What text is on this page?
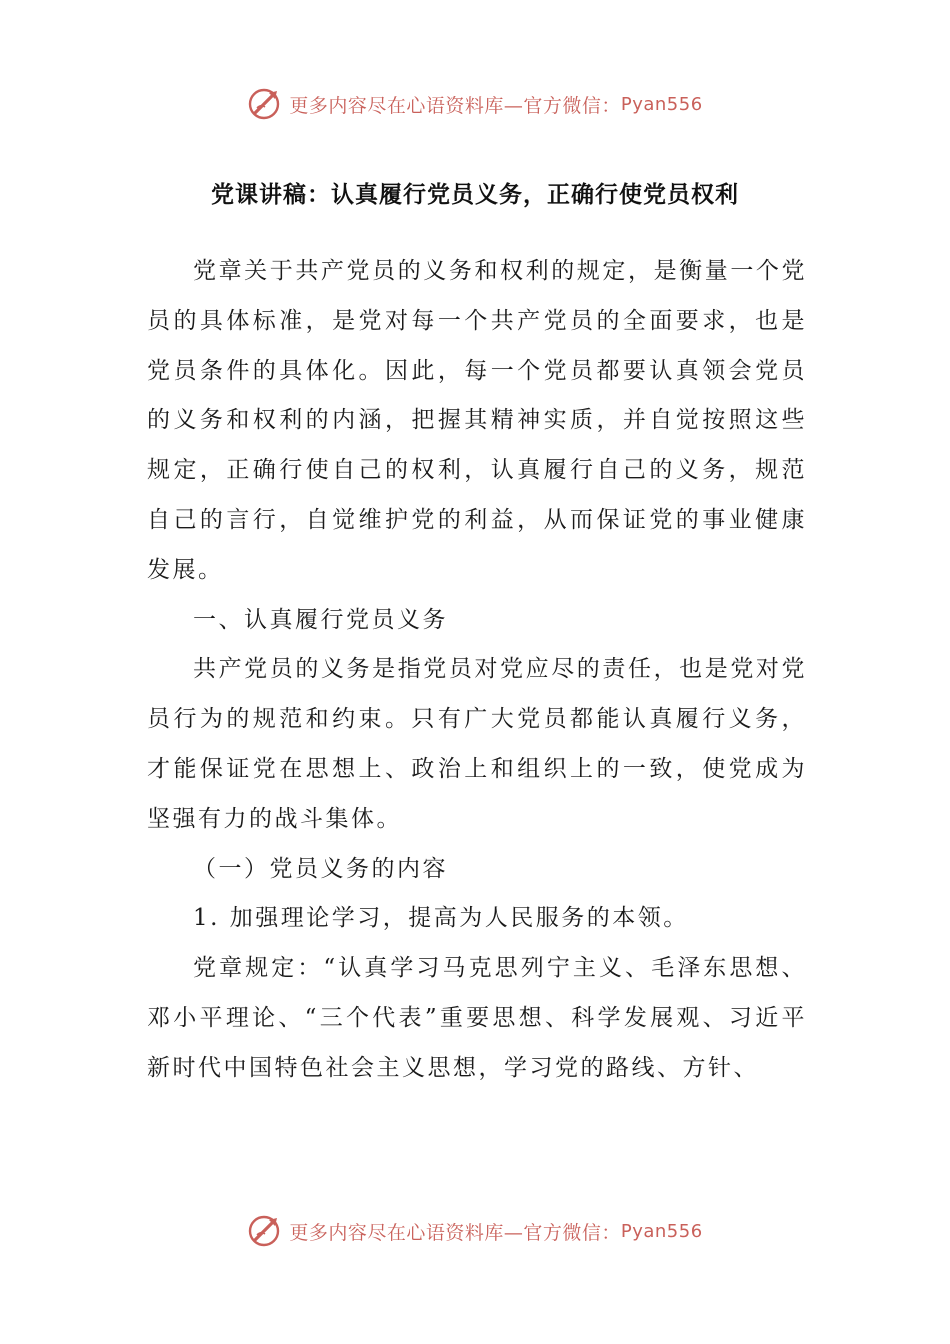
更多内容尽在心语资料库—官方微信： Pyan556
党课讲稿：认真履行党员义务，正确行使党员权利

党章关于共产党员的义务和权利的规定，是衡量一个党员的具体标准，是党对每一个共产党员的全面要求，也是党员条件的具体化。因此，每一个党员都要认真领会党员的义务和权利的内涵，把握其精神实质，并自觉按照这些规定，正确行使自己的权利，认真履行自己的义务，规范自己的言行，自觉维护党的利益，从而保证党的事业健康发展。

一、认真履行党员义务

共产党员的义务是指党员对党应尽的责任，也是党对党员行为的规范和约束。只有广大党员都能认真履行义务，才能保证党在思想上、政治上和组织上的一致，使党成为坚强有力的战斗集体。

（一）党员义务的内容

1. 加强理论学习，提高为人民服务的本领。

党章规定：“认真学习马克思列宁主义、毛泽东思想、邓小平理论、“三个代表”重要思想、科学发展观、习近平新时代中国特色社会主义思想，学习党的路线、方针、

更多内容尽在心语资料库—官方微信： Pyan556
